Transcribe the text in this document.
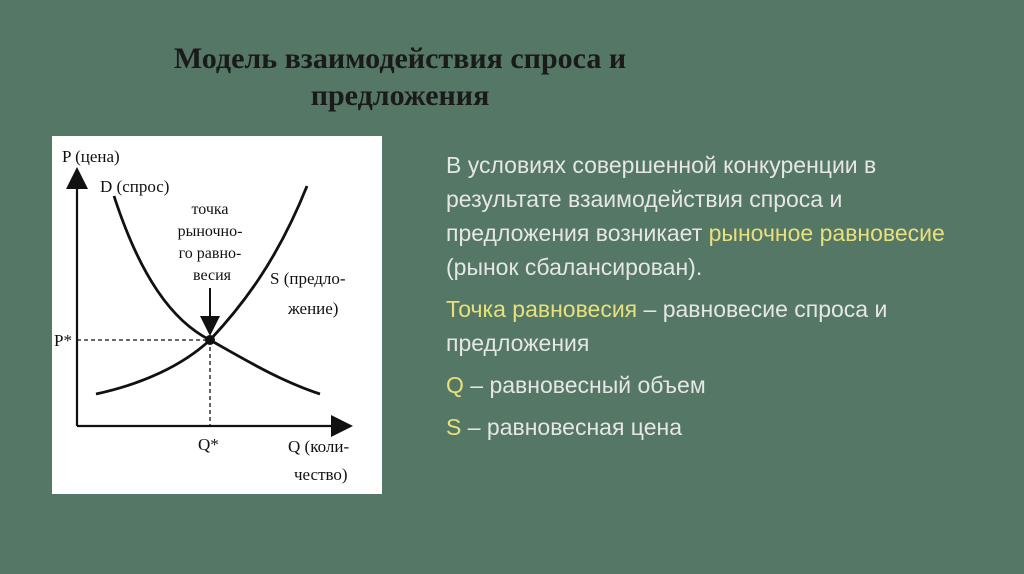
Модель взаимодействия спроса и предложения
P (цена)
D (спрос)
S (предло- жение)
точка рыночно- го равно- весия
P*
Q*	Q (коли- чество)

В условиях совершенной конкуренции в результате взаимодействия спроса и предложения возникает рыночное равновесие (рынок сбалансирован).

Точка равновесия – равновесие спроса и предложения

Q – равновесный объем

S – равновесная цена
